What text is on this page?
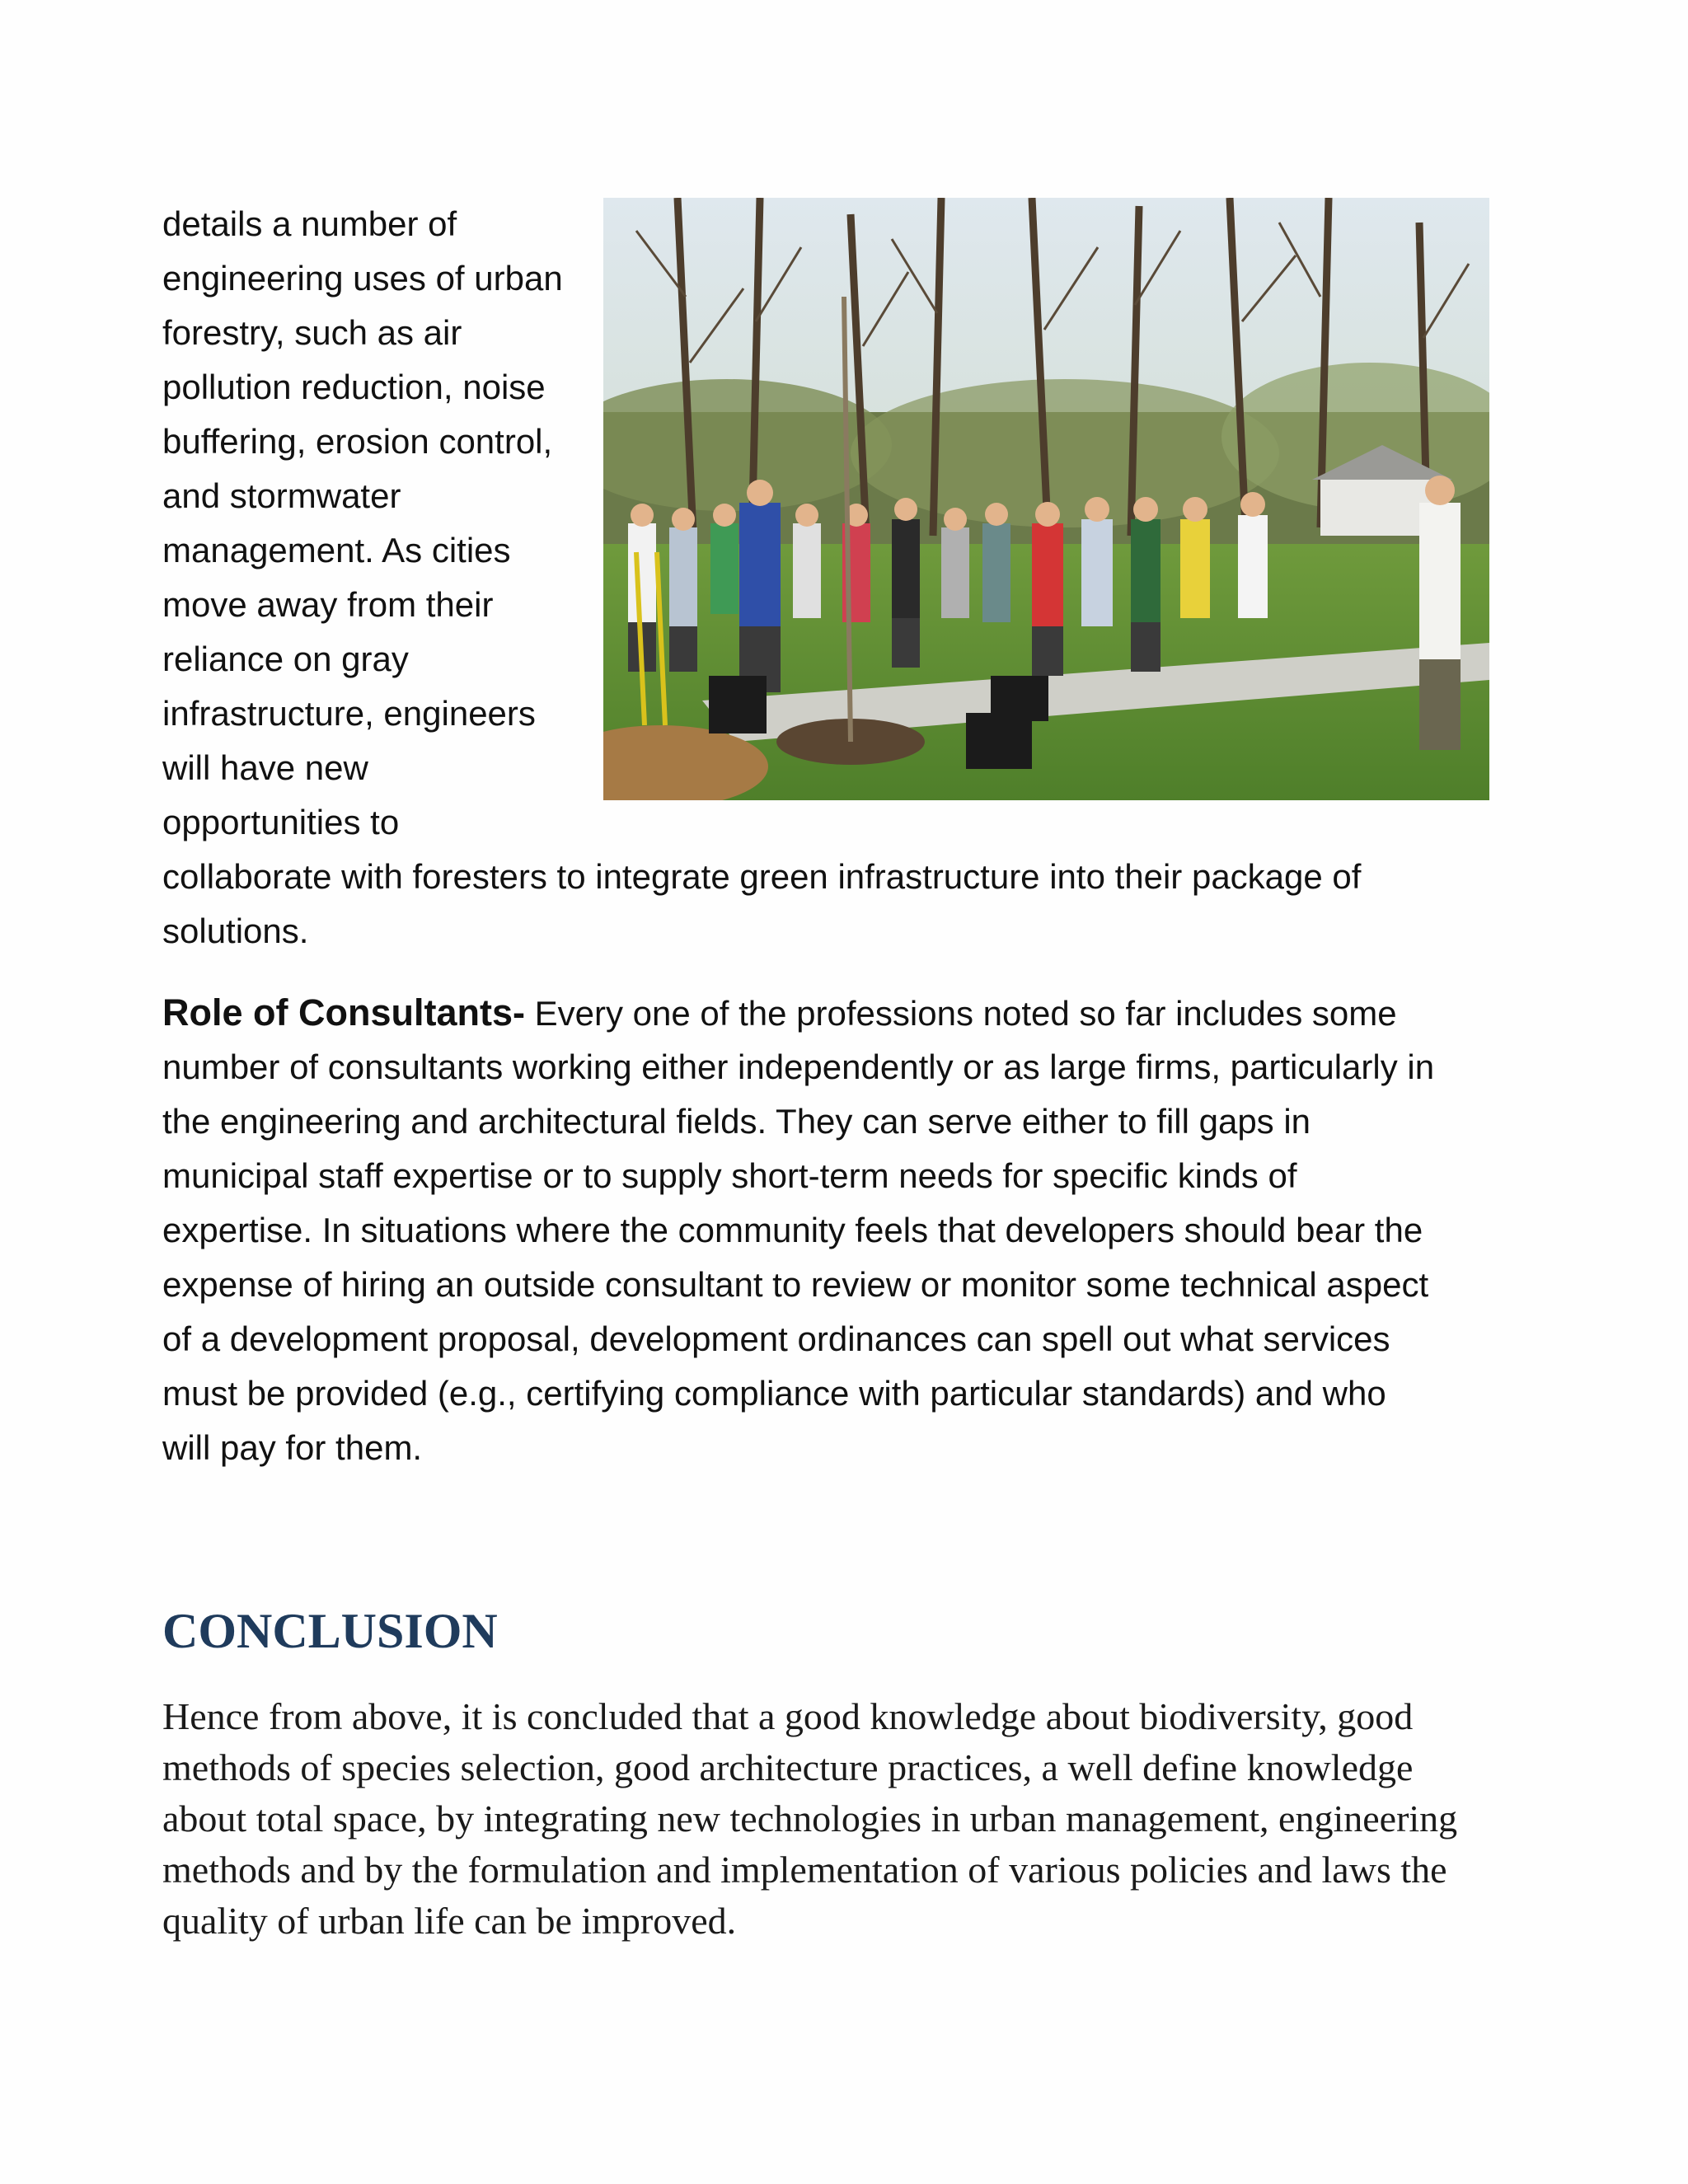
details a number of
engineering uses of urban
forestry, such as air
pollution reduction, noise
buffering, erosion control,
and stormwater
management. As cities
move away from their
reliance on gray
infrastructure, engineers
will have new
opportunities to
collaborate with foresters to integrate green infrastructure into their package of
solutions.
Role of Consultants- Every one of the professions noted so far includes some
number of consultants working either independently or as large firms, particularly in
the engineering and architectural fields. They can serve either to fill gaps in
municipal staff expertise or to supply short-term needs for specific kinds of
expertise. In situations where the community feels that developers should bear the
expense of hiring an outside consultant to review or monitor some technical aspect
of a development proposal, development ordinances can spell out what services
must be provided (e.g., certifying compliance with particular standards) and who
will pay for them.
CONCLUSION
Hence from above, it is concluded that a good knowledge about biodiversity, good
methods of species selection, good architecture practices, a well define knowledge
about total space, by integrating new technologies in urban management, engineering
methods and by the formulation and implementation of various policies and laws the
quality of urban life can be improved.
